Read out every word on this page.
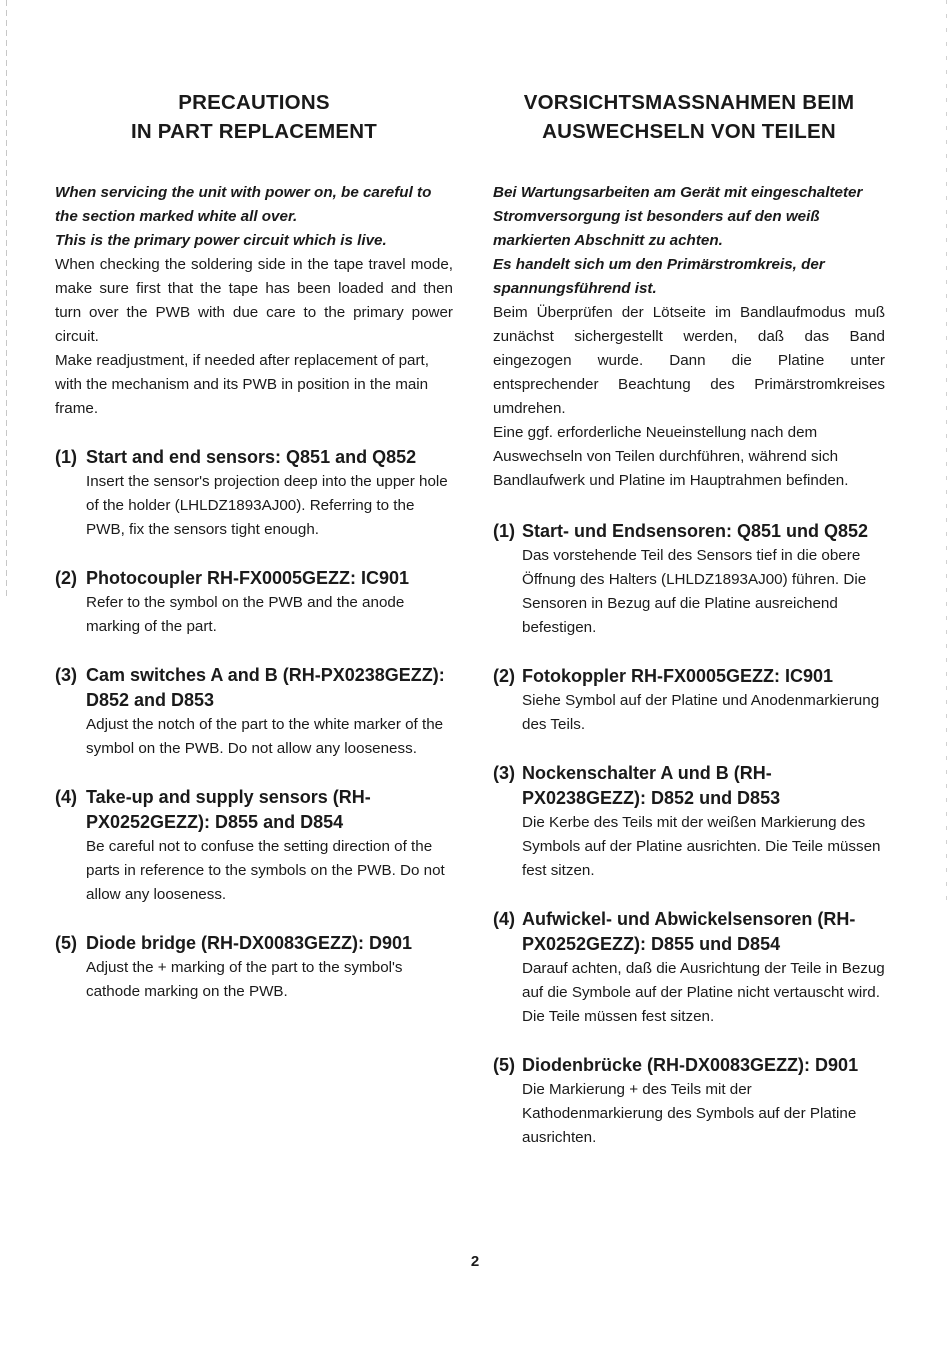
PRECAUTIONS
IN PART REPLACEMENT

When servicing the unit with power on, be careful to the section marked white all over.

This is the primary power circuit which is live.

When checking the soldering side in the tape travel mode, make sure first that the tape has been loaded and then turn over the PWB with due care to the primary power circuit.

Make readjustment, if needed after replacement of part, with the mechanism and its PWB in position in the main frame.

(1) Start and end sensors: Q851 and Q852

Insert the sensor's projection deep into the upper hole of the holder (LHLDZ1893AJ00). Referring to the PWB, fix the sensors tight enough.

(2) Photocoupler RH-FX0005GEZZ: IC901

Refer to the symbol on the PWB and the anode marking of the part.

(3) Cam switches A and B (RH-PX0238GEZZ): D852 and D853

Adjust the notch of the part to the white marker of the symbol on the PWB. Do not allow any looseness.

(4) Take-up and supply sensors (RH-PX0252GEZZ): D855 and D854

Be careful not to confuse the setting direction of the parts in reference to the symbols on the PWB. Do not allow any looseness.

(5) Diode bridge (RH-DX0083GEZZ): D901

Adjust the + marking of the part to the symbol's cathode marking on the PWB.

VORSICHTSMASSNAHMEN BEIM
AUSWECHSELN VON TEILEN

Bei Wartungsarbeiten am Gerät mit eingeschalteter Stromversorgung ist besonders auf den weiß markierten Abschnitt zu achten.

Es handelt sich um den Primärstromkreis, der spannungsführend ist.

Beim Überprüfen der Lötseite im Bandlaufmodus muß zunächst sichergestellt werden, daß das Band eingezogen wurde. Dann die Platine unter entsprechender Beachtung des Primärstromkreises umdrehen.

Eine ggf. erforderliche Neueinstellung nach dem Auswechseln von Teilen durchführen, während sich Bandlaufwerk und Platine im Hauptrahmen befinden.

(1) Start- und Endsensoren: Q851 und Q852

Das vorstehende Teil des Sensors tief in die obere Öffnung des Halters (LHLDZ1893AJ00) führen. Die Sensoren in Bezug auf die Platine ausreichend befestigen.

(2) Fotokoppler RH-FX0005GEZZ: IC901

Siehe Symbol auf der Platine und Anodenmarkierung des Teils.

(3) Nockenschalter A und B (RH-PX0238GEZZ): D852 und D853

Die Kerbe des Teils mit der weißen Markierung des Symbols auf der Platine ausrichten. Die Teile müssen fest sitzen.

(4) Aufwickel- und Abwickelsensoren (RH-PX0252GEZZ): D855 und D854

Darauf achten, daß die Ausrichtung der Teile in Bezug auf die Symbole auf der Platine nicht vertauscht wird. Die Teile müssen fest sitzen.

(5) Diodenbrücke (RH-DX0083GEZZ): D901

Die Markierung + des Teils mit der Kathodenmarkierung des Symbols auf der Platine ausrichten.

2
